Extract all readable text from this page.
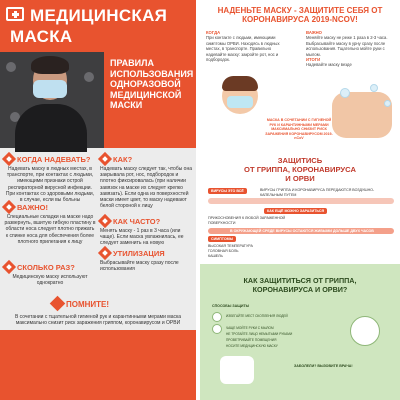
МЕДИЦИНСКАЯ
МАСКА
ПРАВИЛА
ИСПОЛЬЗОВАНИЯ
ОДНОРАЗОВОЙ
МЕДИЦИНСКОЙ
МАСКИ
КОГДА НАДЕВАТЬ?
Надевать маску в людных местах, в транспорте, при контактах с людьми, имеющими признаки острой респираторной вирусной инфекции. При контактах со здоровыми людьми, в случае, если вы больны
КАК?
Надевать маску следует так, чтобы она закрывала рот, нос, подбородок и плотно фиксировалась (при наличии завязок на маске их следует крепко завязать). Если одна из поверхностей маски имеет цвет, то маску надевают белой стороной к лицу
ВАЖНО!
Специальные складки на маске надо развернуть, вшитую гибкую пластину в области носа следует плотно прижать к спинке носа для обеспечения более плотного прилегания к лицу
КАК ЧАСТО?
Менять маску - 1 раз в 3 часа (или чаще). Если маска увлажнилась, ее следует заменить на новую
СКОЛЬКО РАЗ?
Медицинскую маску используют однократно
УТИЛИЗАЦИЯ
Выбрасывайте маску сразу после использования
ПОМНИТЕ!
В сочетании с тщательной гигиеной рук и карантинными мерами маска максимально снизит риск заражения гриппом, коронавирусом и ОРВИ
НАДЕНЬТЕ МАСКУ - ЗАЩИТИТЕ СЕБЯ ОТ КОРОНАВИРУСА 2019-NCOV!
КОГДА
При контакте с людьми, имеющими симптомы ОРВИ. Находясь в людных местах, в транспорте. Правильно надевайте маску: закройте рот, нос и подбородок.
ВАЖНО
Меняйте маску не реже 1 раза в 2-3 часа. Выбрасывайте маску в урну сразу после использования. Тщательно мойте руки с мылом.
ИТОГИ
Надевайте маску везде
МАСКА В СОЧЕТАНИИ С ГИГИЕНОЙ РУК И КАРАНТИННЫМИ МЕРАМИ МАКСИМАЛЬНО СНИЗИТ РИСК ЗАРАЖЕНИЯ КОРОНАВИРУСОМ 2019-nCoV
ЗАЩИТИСЬ
ОТ ГРИППА, КОРОНАВИРУСА
И ОРВИ
ВИРУСЫ ЭТО ВСЁ	ВИРУСЫ ГРИППА И КОРОНАВИРУСА ПЕРЕДАЮТСЯ ВОЗДУШНО-КАПЕЛЬНЫМ ПУТЕМ
КАК ЕЩЁ МОЖНО ЗАРАЗИТЬСЯ
ПРИКОСНОВЕНИЯ К ЛЮБОЙ ЗАРАЖЕННОЙ ПОВЕРХНОСТИ
В ОКРУЖАЮЩЕЙ СРЕДЕ ВИРУСЫ ОСТАЮТСЯ ЖИВЫМИ ДОЛЬШЕ ДВУХ ЧАСОВ
СИМПТОМЫ
ВЫСОКАЯ ТЕМПЕРАТУРА
ГОЛОВНАЯ БОЛЬ
КАШЕЛЬ
КАК ЗАЩИТИТЬСЯ ОТ ГРИППА,
КОРОНАВИРУСА И ОРВИ?
СПОСОБЫ ЗАЩИТЫ
ИЗБЕГАЙТЕ МЕСТ СКОПЛЕНИЯ ЛЮДЕЙ
ЧАЩЕ МОЙТЕ РУКИ С МЫЛОМ
НЕ ТРОГАЙТЕ ЛИЦО НЕМЫТЫМИ РУКАМИ
ПРОВЕТРИВАЙТЕ ПОМЕЩЕНИЯ
НОСИТЕ МЕДИЦИНСКУЮ МАСКУ
ЗАБОЛЕЛИ? ВЫЗОВИТЕ ВРАЧА!
